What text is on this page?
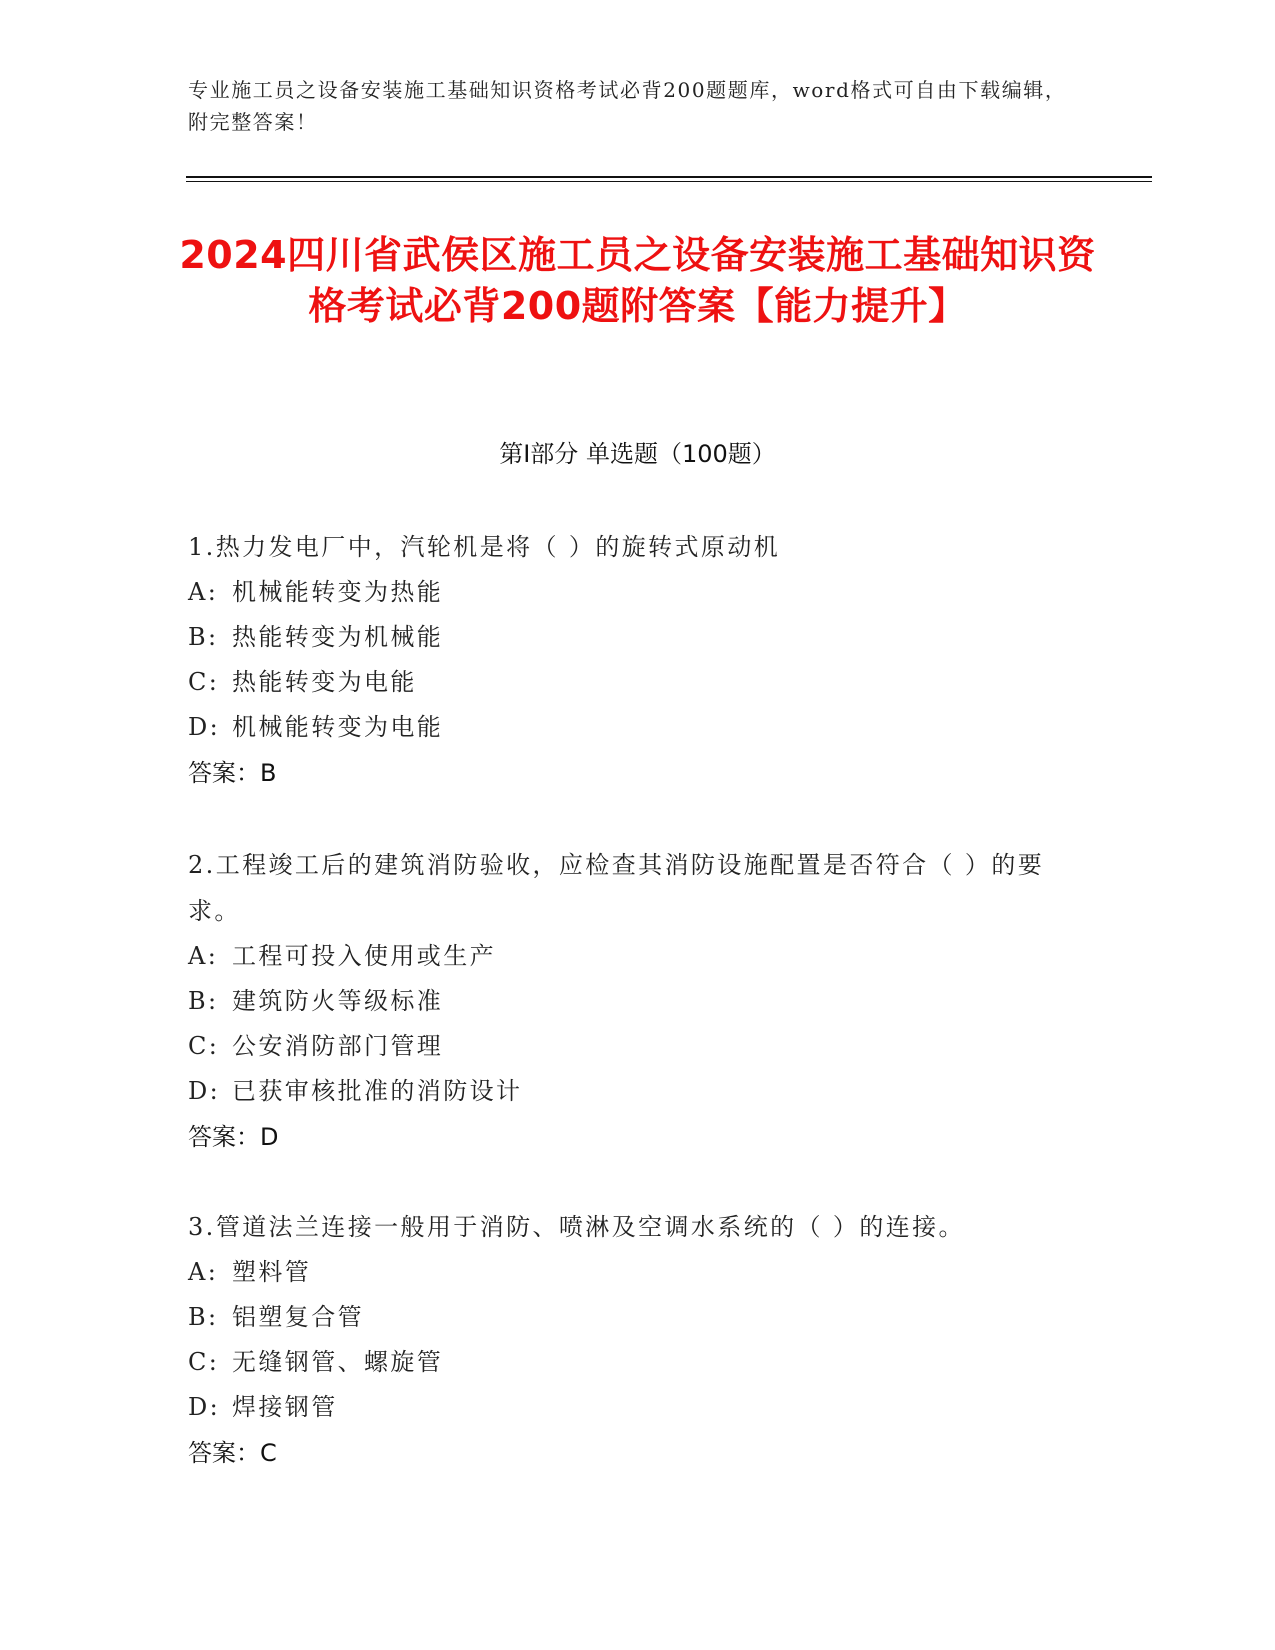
专业施工员之设备安装施工基础知识资格考试必背200题题库，word格式可自由下载编辑，附完整答案！
2024四川省武侯区施工员之设备安装施工基础知识资格考试必背200题附答案【能力提升】
第Ⅰ部分 单选题（100题）
1.热力发电厂中，汽轮机是将（ ）的旋转式原动机
A: 机械能转变为热能
B: 热能转变为机械能
C: 热能转变为电能
D: 机械能转变为电能
答案：B
2.工程竣工后的建筑消防验收，应检查其消防设施配置是否符合（ ）的要求。
A: 工程可投入使用或生产
B: 建筑防火等级标准
C: 公安消防部门管理
D: 已获审核批准的消防设计
答案：D
3.管道法兰连接一般用于消防、喷淋及空调水系统的（ ）的连接。
A: 塑料管
B: 铝塑复合管
C: 无缝钢管、螺旋管
D: 焊接钢管
答案：C
